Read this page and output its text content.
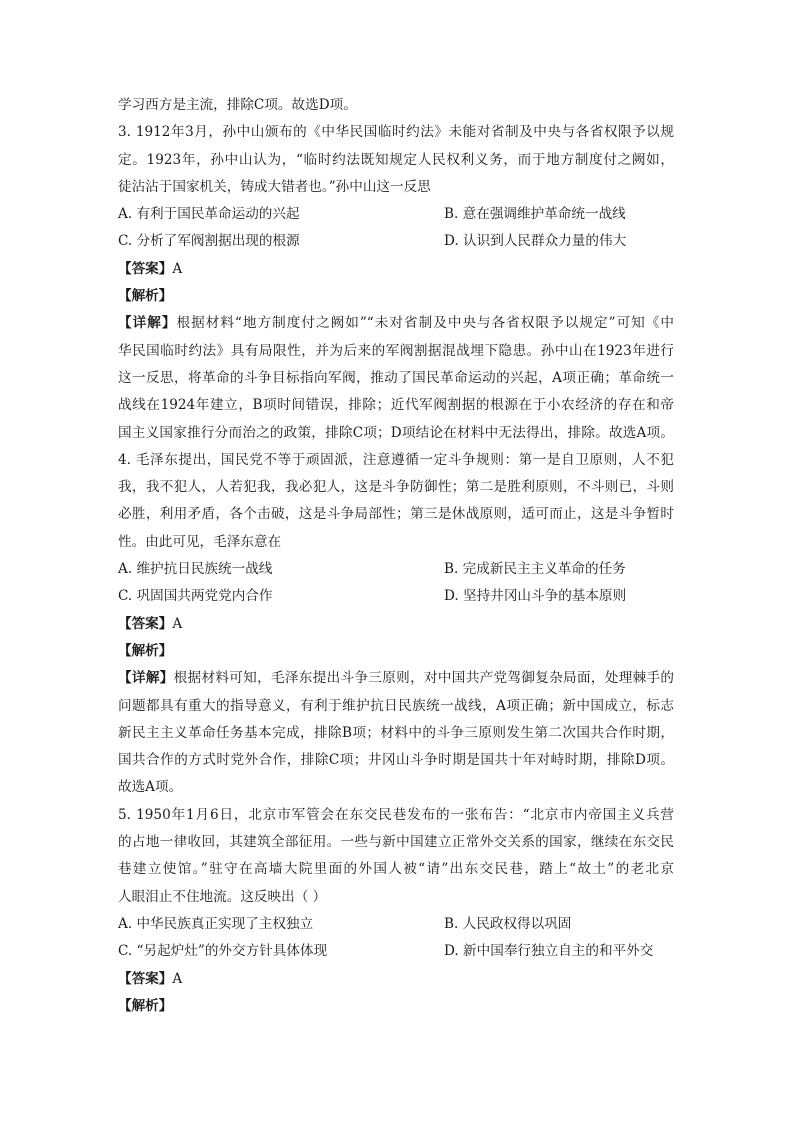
学习西方是主流，排除C项。故选D项。
3. 1912年3月，孙中山颁布的《中华民国临时约法》未能对省制及中央与各省权限予以规
定。1923年，孙中山认为，“临时约法既知规定人民权利义务，而于地方制度付之阙如，
徒沾沾于国家机关，铸成大错者也。”孙中山这一反思
A. 有利于国民革命运动的兴起	B. 意在强调维护革命统一战线
C. 分析了军阀割据出现的根源	D. 认识到人民群众力量的伟大
【答案】A
【解析】
【详解】根据材料“地方制度付之阙如”“未对省制及中央与各省权限予以规定”可知《中
华民国临时约法》具有局限性，并为后来的军阀割据混战埋下隐患。孙中山在1923年进行
这一反思，将革命的斗争目标指向军阀，推动了国民革命运动的兴起，A项正确；革命统一
战线在1924年建立，B项时间错误，排除；近代军阀割据的根源在于小农经济的存在和帝
国主义国家推行分而治之的政策，排除C项；D项结论在材料中无法得出，排除。故选A项。
4. 毛泽东提出，国民党不等于顽固派，注意遵循一定斗争规则：第一是自卫原则，人不犯
我，我不犯人，人若犯我，我必犯人，这是斗争防御性；第二是胜利原则，不斗则已，斗则
必胜，利用矛盾，各个击破，这是斗争局部性；第三是休战原则，适可而止，这是斗争暂时
性。由此可见，毛泽东意在
A. 维护抗日民族统一战线	B. 完成新民主主义革命的任务
C. 巩固国共两党党内合作	D. 坚持井冈山斗争的基本原则
【答案】A
【解析】
【详解】根据材料可知，毛泽东提出斗争三原则，对中国共产党驾御复杂局面，处理棘手的
问题都具有重大的指导意义，有利于维护抗日民族统一战线，A项正确；新中国成立，标志
新民主主义革命任务基本完成，排除B项；材料中的斗争三原则发生第二次国共合作时期，
国共合作的方式时党外合作，排除C项；井冈山斗争时期是国共十年对峙时期，排除D项。
故选A项。
5. 1950年1月6日，北京市军管会在东交民巷发布的一张布告：“北京市内帝国主义兵营
的占地一律收回，其建筑全部征用。一些与新中国建立正常外交关系的国家，继续在东交民
巷建立使馆。”驻守在高墙大院里面的外国人被“请”出东交民巷，踏上“故土”的老北京
人眼泪止不住地流。这反映出（ ）
A. 中华民族真正实现了主权独立	B. 人民政权得以巩固
C. “另起炉灶”的外交方针具体体现	D. 新中国奉行独立自主的和平外交
【答案】A
【解析】
